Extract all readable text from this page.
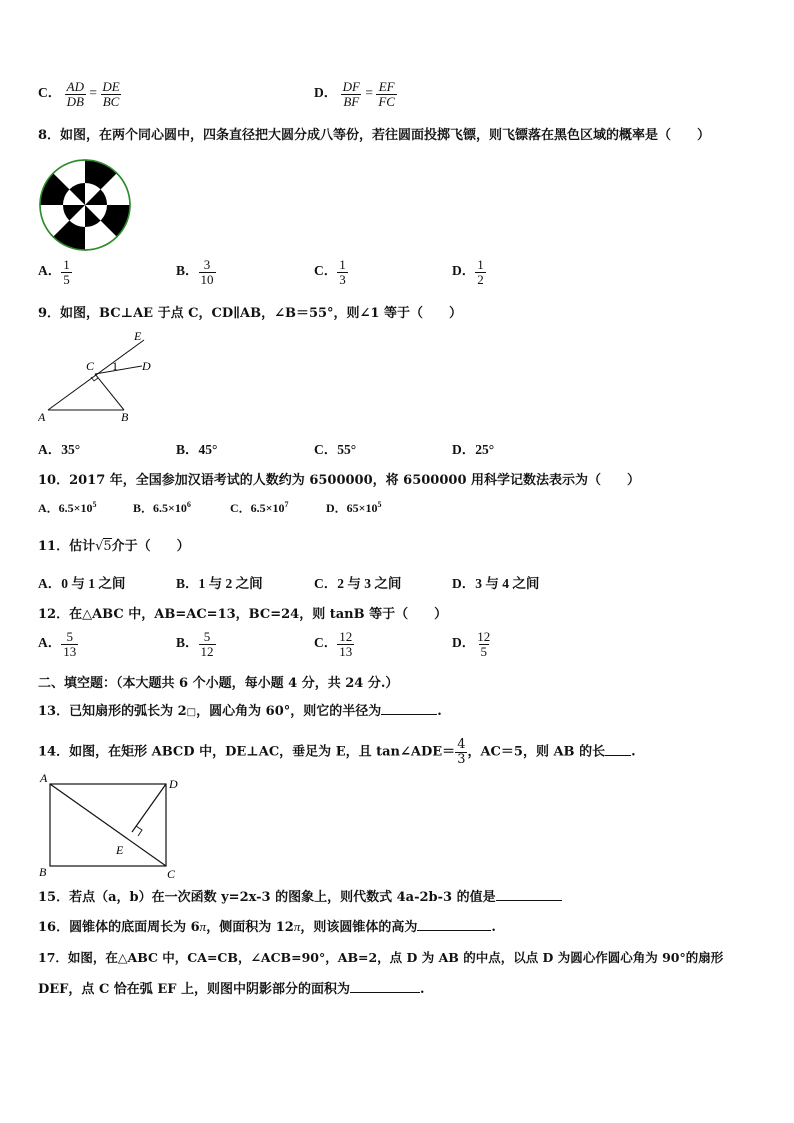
C． $\frac{AD}{DB} = \frac{DE}{BC}$	D． $\frac{DF}{BF} = \frac{EF}{FC}$
8．如图，在两个同心圆中，四条直径把大圆分成八等份，若往圆面投掷飞镖，则飞镖落在黑色区域的概率是（　　）
A． $\frac{1}{5}$	B． $\frac{3}{10}$	C． $\frac{1}{3}$	D． $\frac{1}{2}$
9．如图，BC⊥AE 于点 C，CD∥AB，∠B＝55°，则∠1 等于（　　）
A	B
C	D
E
1
A．35°	B．45°	C．55°	D．25°
10．2017 年，全国参加汉语考试的人数约为 6500000，将 6500000 用科学记数法表示为（　　）
A．$6.5\times 10^5$	B．$6.5\times 10^6$	C．$6.5\times 10^7$	D．$65\times 10^5$
11．估计√5介于（　　）
A．0 与 1 之间	B．1 与 2 之间	C．2 与 3 之间	D．3 与 4 之间
12．在△ABC 中，AB=AC=13，BC=24，则 tanB 等于（　　）
A． $\frac{5}{13}$	B． $\frac{5}{12}$	C． $\frac{12}{13}$	D． $\frac{12}{5}$
二、填空题：（本大题共 6 个小题，每小题 4 分，共 24 分.）
13．已知扇形的弧长为 2□，圆心角为 60°，则它的半径为	.
14．如图，在矩形 ABCD 中，DE⊥AC，垂足为 E，且 tan∠ADE＝ $\frac{4}{3}$ ，AC＝5，则 AB 的长 .
A
B	C
D
E
15．若点（a，b）在一次函数 y=2x-3 的图象上，则代数式 4a-2b-3 的值是
16．圆锥体的底面周长为 6π，侧面积为 12π，则该圆锥体的高为	.
17．如图，在△ABC 中，CA=CB，∠ACB=90°，AB=2，点 D 为 AB 的中点，以点 D 为圆心作圆心角为 90°的扇形
DEF，点 C 恰在弧 EF 上，则图中阴影部分的面积为	.
